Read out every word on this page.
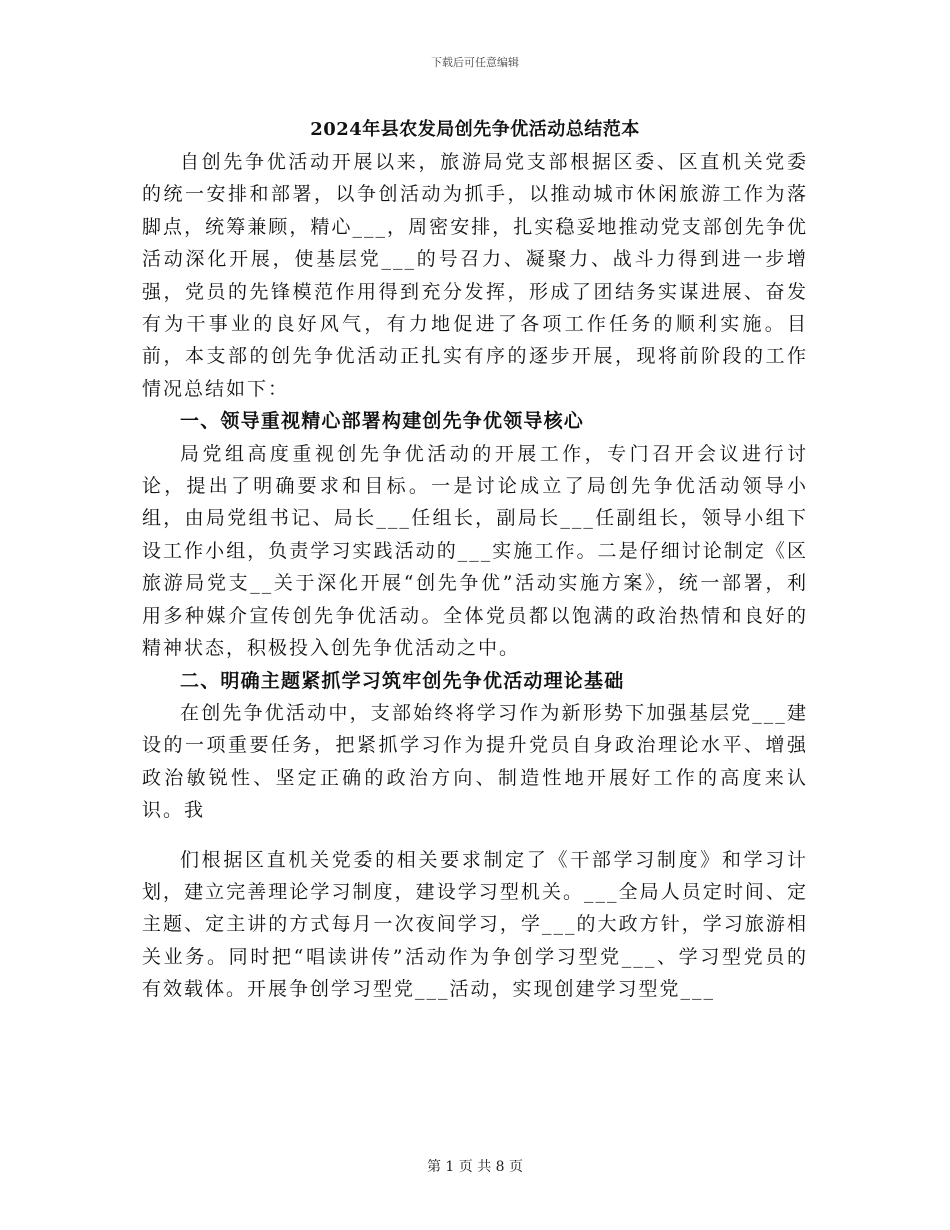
下载后可任意编辑
2024年县农发局创先争优活动总结范本

自创先争优活动开展以来，旅游局党支部根据区委、区直机关党委的统一安排和部署，以争创活动为抓手，以推动城市休闲旅游工作为落脚点，统筹兼顾，精心___，周密安排，扎实稳妥地推动党支部创先争优活动深化开展，使基层党___的号召力、凝聚力、战斗力得到进一步增强，党员的先锋模范作用得到充分发挥，形成了团结务实谋进展、奋发有为干事业的良好风气，有力地促进了各项工作任务的顺利实施。目前，本支部的创先争优活动正扎实有序的逐步开展，现将前阶段的工作情况总结如下：

一、领导重视精心部署构建创先争优领导核心

局党组高度重视创先争优活动的开展工作，专门召开会议进行讨论，提出了明确要求和目标。一是讨论成立了局创先争优活动领导小组，由局党组书记、局长___任组长，副局长___任副组长，领导小组下设工作小组，负责学习实践活动的___实施工作。二是仔细讨论制定《区旅游局党支__关于深化开展“创先争优”活动实施方案》，统一部署，利用多种媒介宣传创先争优活动。全体党员都以饱满的政治热情和良好的精神状态，积极投入创先争优活动之中。

二、明确主题紧抓学习筑牢创先争优活动理论基础

在创先争优活动中，支部始终将学习作为新形势下加强基层党___建设的一项重要任务，把紧抓学习作为提升党员自身政治理论水平、增强政治敏锐性、坚定正确的政治方向、制造性地开展好工作的高度来认识。我

们根据区直机关党委的相关要求制定了《干部学习制度》和学习计划，建立完善理论学习制度，建设学习型机关。___全局人员定时间、定主题、定主讲的方式每月一次夜间学习，学___的大政方针，学习旅游相关业务。同时把“唱读讲传”活动作为争创学习型党___、学习型党员的有效载体。开展争创学习型党___活动，实现创建学习型党___

第 1 页 共 8 页
